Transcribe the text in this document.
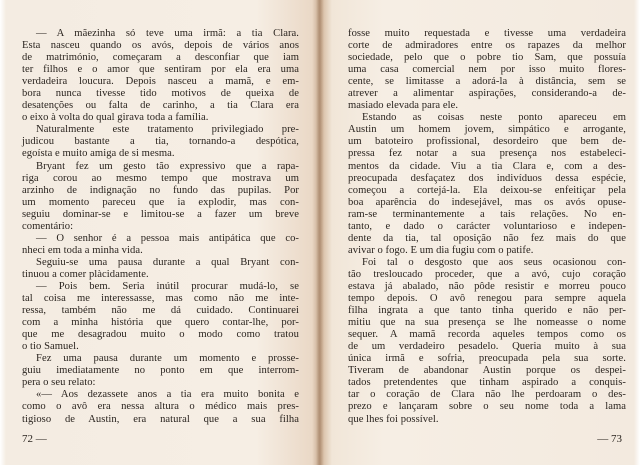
— A mãezinha só teve uma irmã: a tia Clara.
Esta nasceu quando os avós, depois de vários anos
de matrimónio, começaram a desconfiar que iam
ter filhos e o amor que sentiram por ela era uma
verdadeira loucura. Depois nasceu a mamã, e em-
bora nunca tivesse tido motivos de queixa de
desatenções ou falta de carinho, a tia Clara era
o eixo à volta do qual girava toda a família.
Naturalmente este tratamento privilegiado pre-
judicou bastante a tia, tornando-a despótica,
egoísta e muito amiga de si mesma.
Bryant fez um gesto tão expressivo que a rapa-
riga corou ao mesmo tempo que mostrava um
arzinho de indignação no fundo das pupilas. Por
um momento pareceu que ia explodir, mas con-
seguiu dominar-se e limitou-se a fazer um breve
comentário:
— O senhor é a pessoa mais antipática que co-
nheci em toda a minha vida.
Seguiu-se uma pausa durante a qual Bryant con-
tinuou a comer plàcidamente.
— Pois bem. Seria inútil procurar mudá-lo, se
tal coisa me interessasse, mas como não me inte-
ressa, também não me dá cuidado. Continuarei
com a minha história que quero contar-lhe, por-
que me desagradou muito o modo como tratou
o tio Samuel.
Fez uma pausa durante um momento e prosse-
guiu imediatamente no ponto em que interrom-
pera o seu relato:
«— Aos dezassete anos a tia era muito bonita e
como o avô era nessa altura o médico mais pres-
tigioso de Austin, era natural que a sua filha
72 —
fosse muito requestada e tivesse uma verdadeira
corte de admiradores entre os rapazes da melhor
sociedade, pelo que o pobre tio Sam, que possuía
uma casa comercial nem por isso muito flores-
cente, se limitasse a adorá-la à distância, sem se
atrever a alimentar aspirações, considerando-a de-
masiado elevada para ele.
Estando as coisas neste ponto apareceu em
Austin um homem jovem, simpático e arrogante,
um batoteiro profissional, desordeiro que bem de-
pressa fez notar a sua presença nos estabeleci-
mentos da cidade. Viu a tia Clara e, com a des-
preocupada desfaçatez dos indivíduos dessa espécie,
começou a cortejá-la. Ela deixou-se enfeitiçar pela
boa aparência do indesejável, mas os avós opuse-
ram-se terminantemente a tais relações. No en-
tanto, e dado o carácter voluntarioso e indepen-
dente da tia, tal oposição não fez mais do que
avivar o fogo. E um dia fugiu com o patife.
Foi tal o desgosto que aos seus ocasionou con-
tão tresloucado proceder, que a avó, cujo coração
estava já abalado, não pôde resistir e morreu pouco
tempo depois. O avô renegou para sempre aquela
filha ingrata a que tanto tinha querido e não per-
mitiu que na sua presença se lhe nomeasse o nome
sequer. A mamã recorda aqueles tempos como os
de um verdadeiro pesadelo. Queria muito à sua
única irmã e sofria, preocupada pela sua sorte.
Tiveram de abandonar Austin porque os despei-
tados pretendentes que tinham aspirado a conquis-
tar o coração de Clara não lhe perdoaram o des-
prezo e lançaram sobre o seu nome toda a lama
que lhes foi possível.
— 73
